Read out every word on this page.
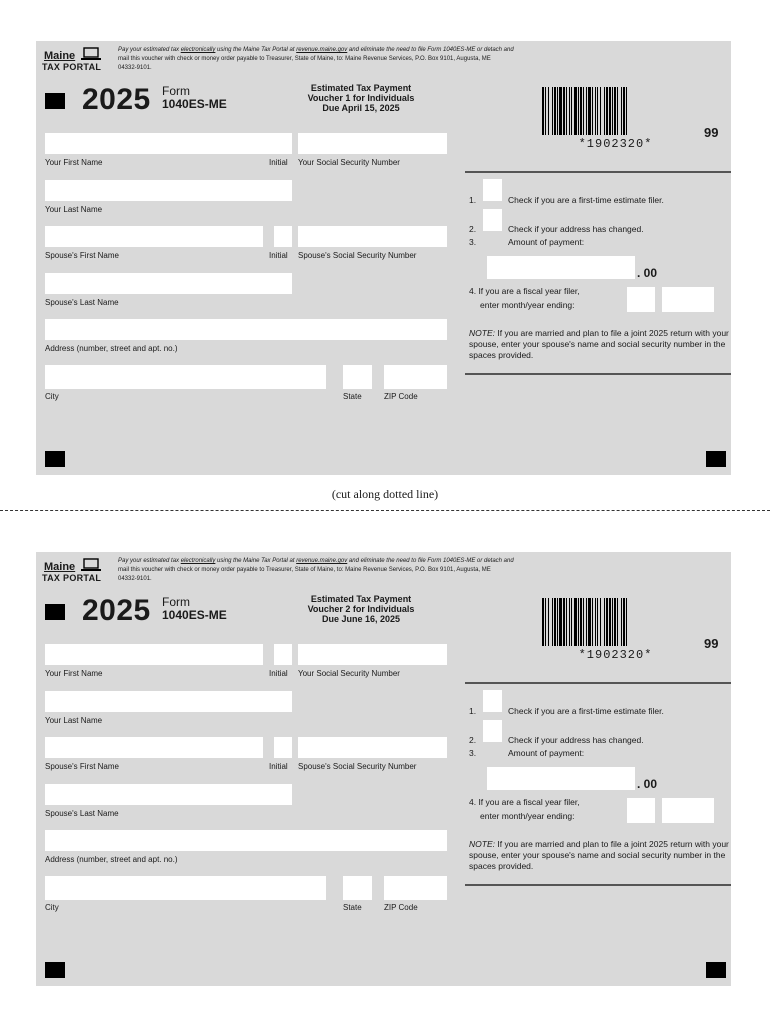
Maine
TAX PORTAL
Pay your estimated tax electronically using the Maine Tax Portal at revenue.maine.gov and eliminate the need to file Form 1040ES-ME or detach and
mail this voucher with check or money order payable to Treasurer, State of Maine, to: Maine Revenue Services, P.O. Box 9101, Augusta, ME
04332-9101.
2025 Form
1040ES-ME
Estimated Tax Payment
Voucher 1 for Individuals
Due April 15, 2025
*1902320*
99
Your First Name	Initial Your Social Security Number
Your Last Name
Spouse's First Name	Initial Spouse's Social Security Number
Spouse's Last Name
Address (number, street and apt. no.)
City	State	ZIP Code
1.	Check if you are a first-time estimate filer.
2.	Check if your address has changed.
3.	Amount of payment:
. 00
4. If you are a fiscal year filer,
enter month/year ending:
NOTE: If you are married and plan to file a joint 2025 return with your spouse, enter your spouse's name and social security number in the spaces provided.
(cut along dotted line)
Maine
TAX PORTAL
Pay your estimated tax electronically using the Maine Tax Portal at revenue.maine.gov and eliminate the need to file Form 1040ES-ME or detach and
mail this voucher with check or money order payable to Treasurer, State of Maine, to: Maine Revenue Services, P.O. Box 9101, Augusta, ME
04332-9101.
2025 Form
1040ES-ME
Estimated Tax Payment
Voucher 2 for Individuals
Due June 16, 2025
*1902320*
99
Your First Name	Initial Your Social Security Number
Your Last Name
Spouse's First Name	Initial Spouse's Social Security Number
Spouse's Last Name
Address (number, street and apt. no.)
City	State	ZIP Code
1.	Check if you are a first-time estimate filer.
2.	Check if your address has changed.
3.	Amount of payment:
. 00
4. If you are a fiscal year filer,
enter month/year ending:
NOTE: If you are married and plan to file a joint 2025 return with your spouse, enter your spouse's name and social security number in the spaces provided.
